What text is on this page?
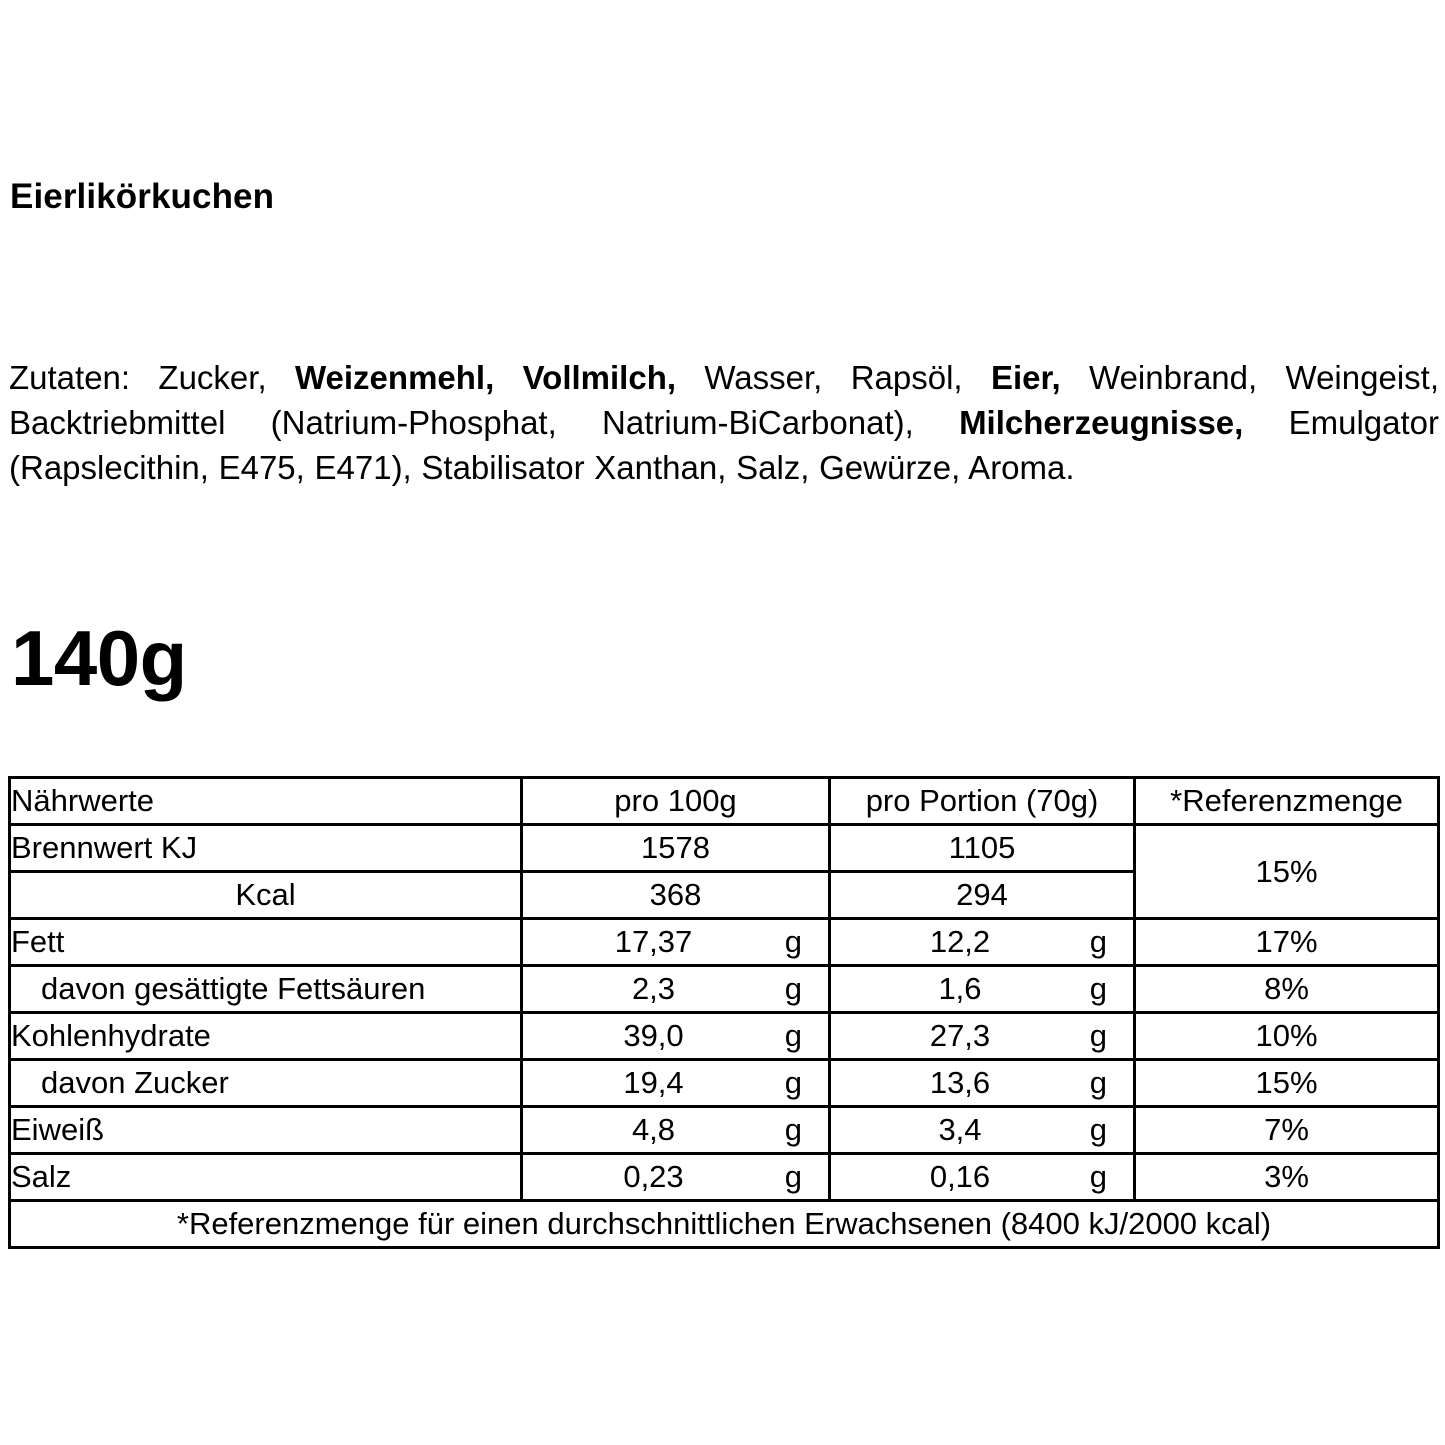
Eierlikörkuchen
Zutaten: Zucker, Weizenmehl, Vollmilch, Wasser, Rapsöl, Eier, Weinbrand, Weingeist, Backtriebmittel (Natrium-Phosphat, Natrium-BiCarbonat), Milcherzeugnisse, Emulgator (Rapslecithin, E475, E471), Stabilisator Xanthan, Salz, Gewürze, Aroma.
140g
Nährwerte	pro 100g	pro Portion (70g)	*Referenzmenge
Brennwert KJ	1578	1105	15%
Kcal	368	294	
Fett	17,37 g	12,2 g	17%
davon gesättigte Fettsäuren	2,3 g	1,6 g	8%
Kohlenhydrate	39,0 g	27,3 g	10%
davon Zucker	19,4 g	13,6 g	15%
Eiweiß	4,8 g	3,4 g	7%
Salz	0,23 g	0,16 g	3%
*Referenzmenge für einen durchschnittlichen Erwachsenen (8400 kJ/2000 kcal)			
